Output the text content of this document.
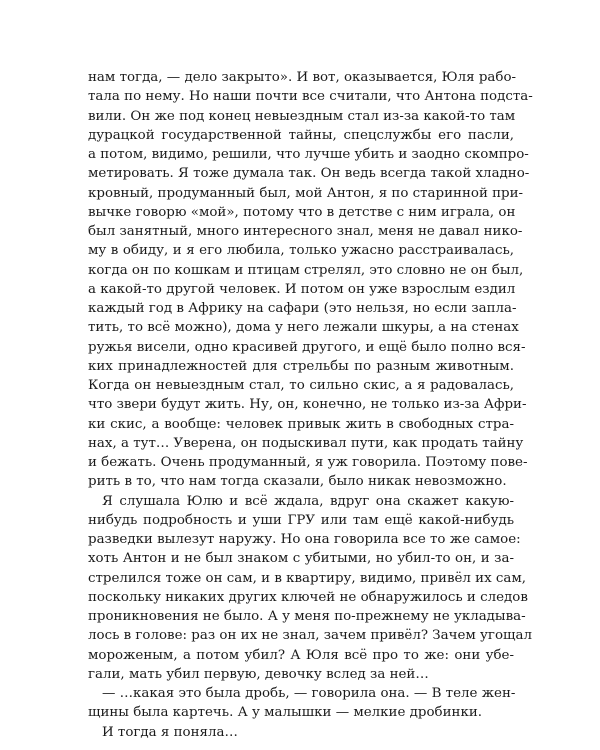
нам тогда, — дело закрыто». И вот, оказывается, Юля рабо-
тала по нему. Но наши почти все считали, что Антона подста-
вили. Он же под конец невыездным стал из-за какой-то там
дурацкой государственной тайны, спецслужбы его пасли,
а потом, видимо, решили, что лучше убить и заодно скомпро-
метировать. Я тоже думала так. Он ведь всегда такой хладно-
кровный, продуманный был, мой Антон, я по старинной при-
вычке говорю «мой», потому что в детстве с ним играла, он
был занятный, много интересного знал, меня не давал нико-
му в обиду, и я его любила, только ужасно расстраивалась,
когда он по кошкам и птицам стрелял, это словно не он был,
а какой-то другой человек. И потом он уже взрослым ездил
каждый год в Африку на сафари (это нельзя, но если запла-
тить, то всё можно), дома у него лежали шкуры, а на стенах
ружья висели, одно красивей другого, и ещё было полно вся-
ких принадлежностей для стрельбы по разным животным.
Когда он невыездным стал, то сильно скис, а я радовалась,
что звери будут жить. Ну, он, конечно, не только из-за Афри-
ки скис, а вообще: человек привык жить в свободных стра-
нах, а тут… Уверена, он подыскивал пути, как продать тайну
и бежать. Очень продуманный, я уж говорила. Поэтому пове-
рить в то, что нам тогда сказали, было никак невозможно.
Я слушала Юлю и всё ждала, вдруг она скажет какую-
нибудь подробность и уши ГРУ или там ещё какой-нибудь
разведки вылезут наружу. Но она говорила все то же самое:
хоть Антон и не был знаком с убитыми, но убил-то он, и за-
стрелился тоже он сам, и в квартиру, видимо, привёл их сам,
поскольку никаких других ключей не обнаружилось и следов
проникновения не было. А у меня по-прежнему не укладыва-
лось в голове: раз он их не знал, зачем привёл? Зачем угощал
мороженым, а потом убил? А Юля всё про то же: они убе-
гали, мать убил первую, девочку вслед за ней…
— …какая это была дробь, — говорила она. — В теле жен-
щины была картечь. А у малышки — мелкие дробинки.
И тогда я поняла…
